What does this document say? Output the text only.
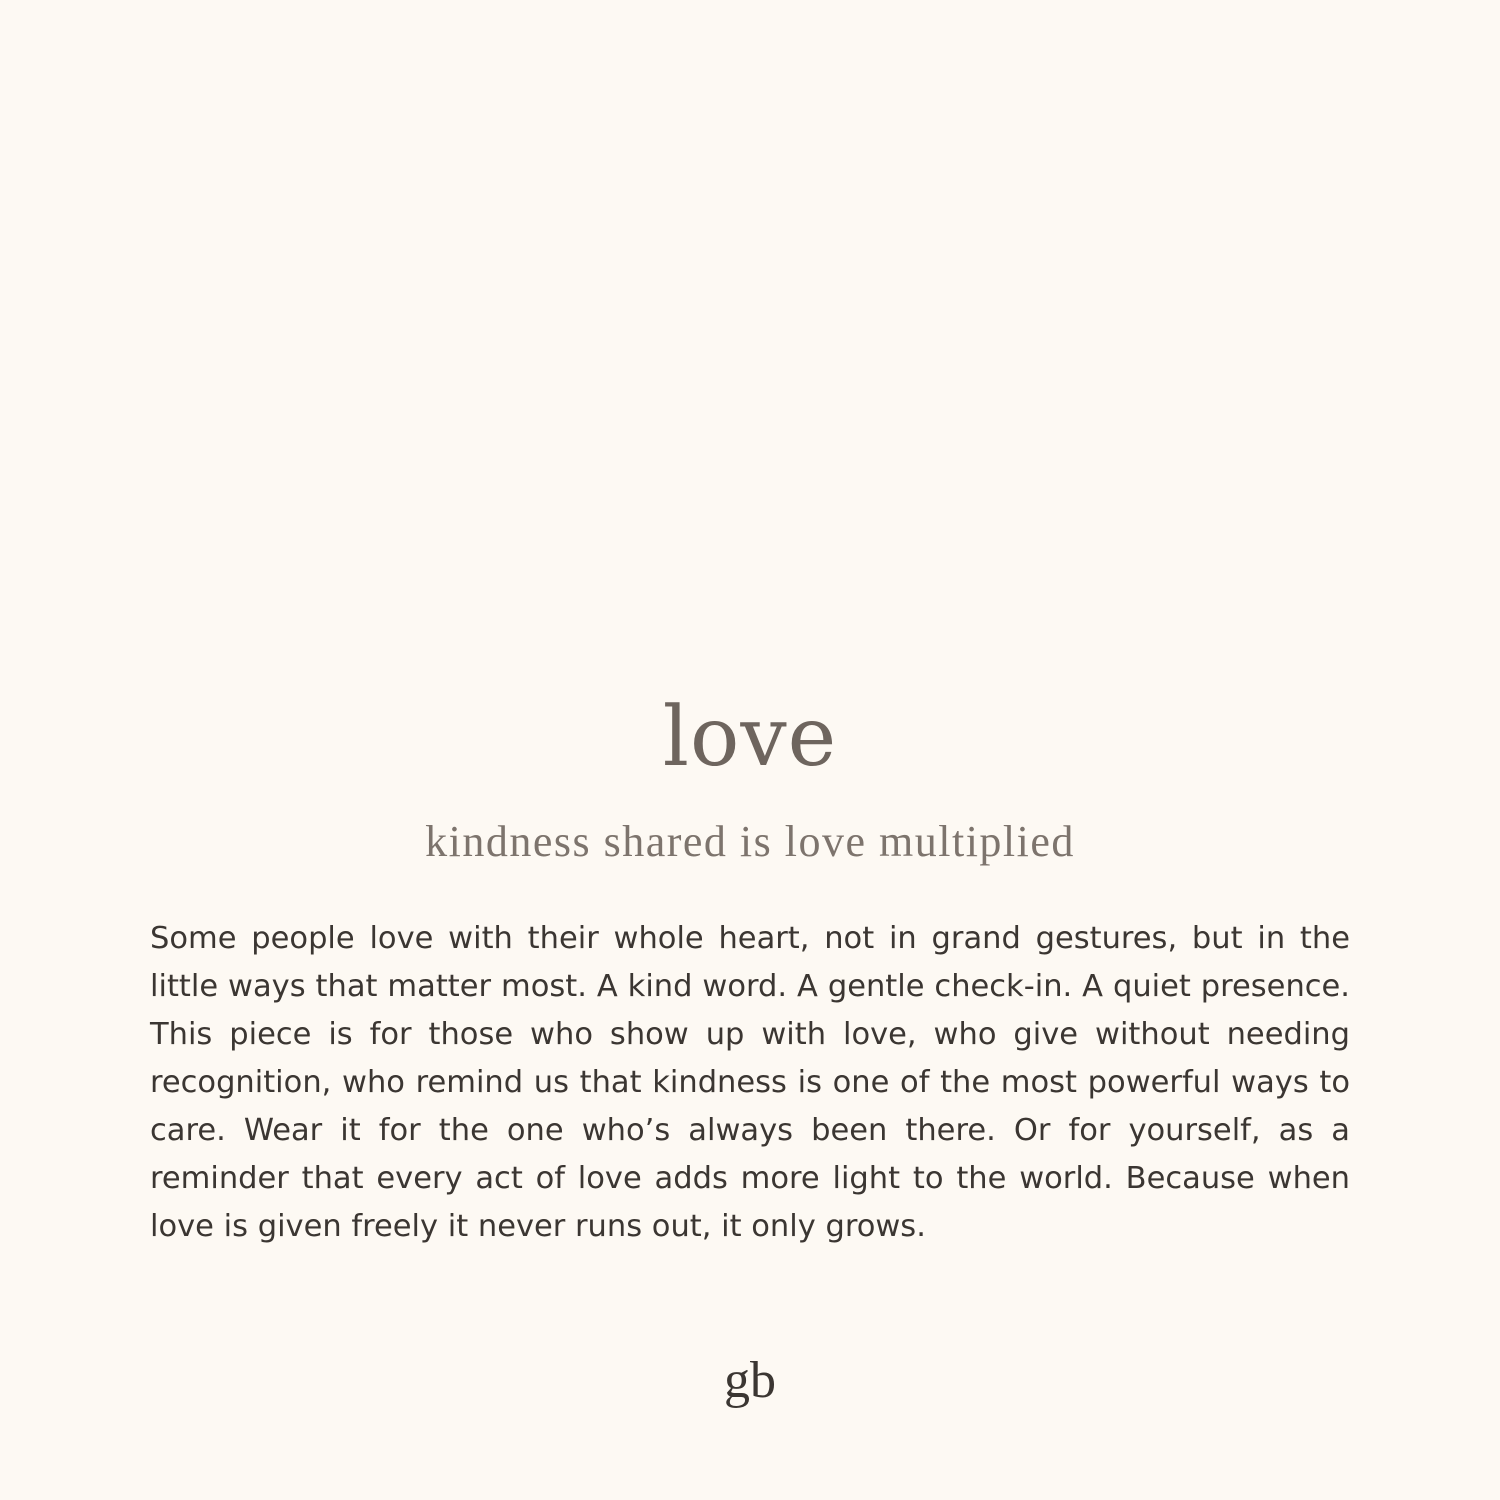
love

kindness shared is love multiplied

Some people love with their whole heart, not in grand gestures, but in the little ways that matter most. A kind word. A gentle check-in. A quiet presence. This piece is for those who show up with love, who give without needing recognition, who remind us that kindness is one of the most powerful ways to care. Wear it for the one who’s always been there. Or for yourself, as a reminder that every act of love adds more light to the world. Because when love is given freely it never runs out, it only grows.

gb
